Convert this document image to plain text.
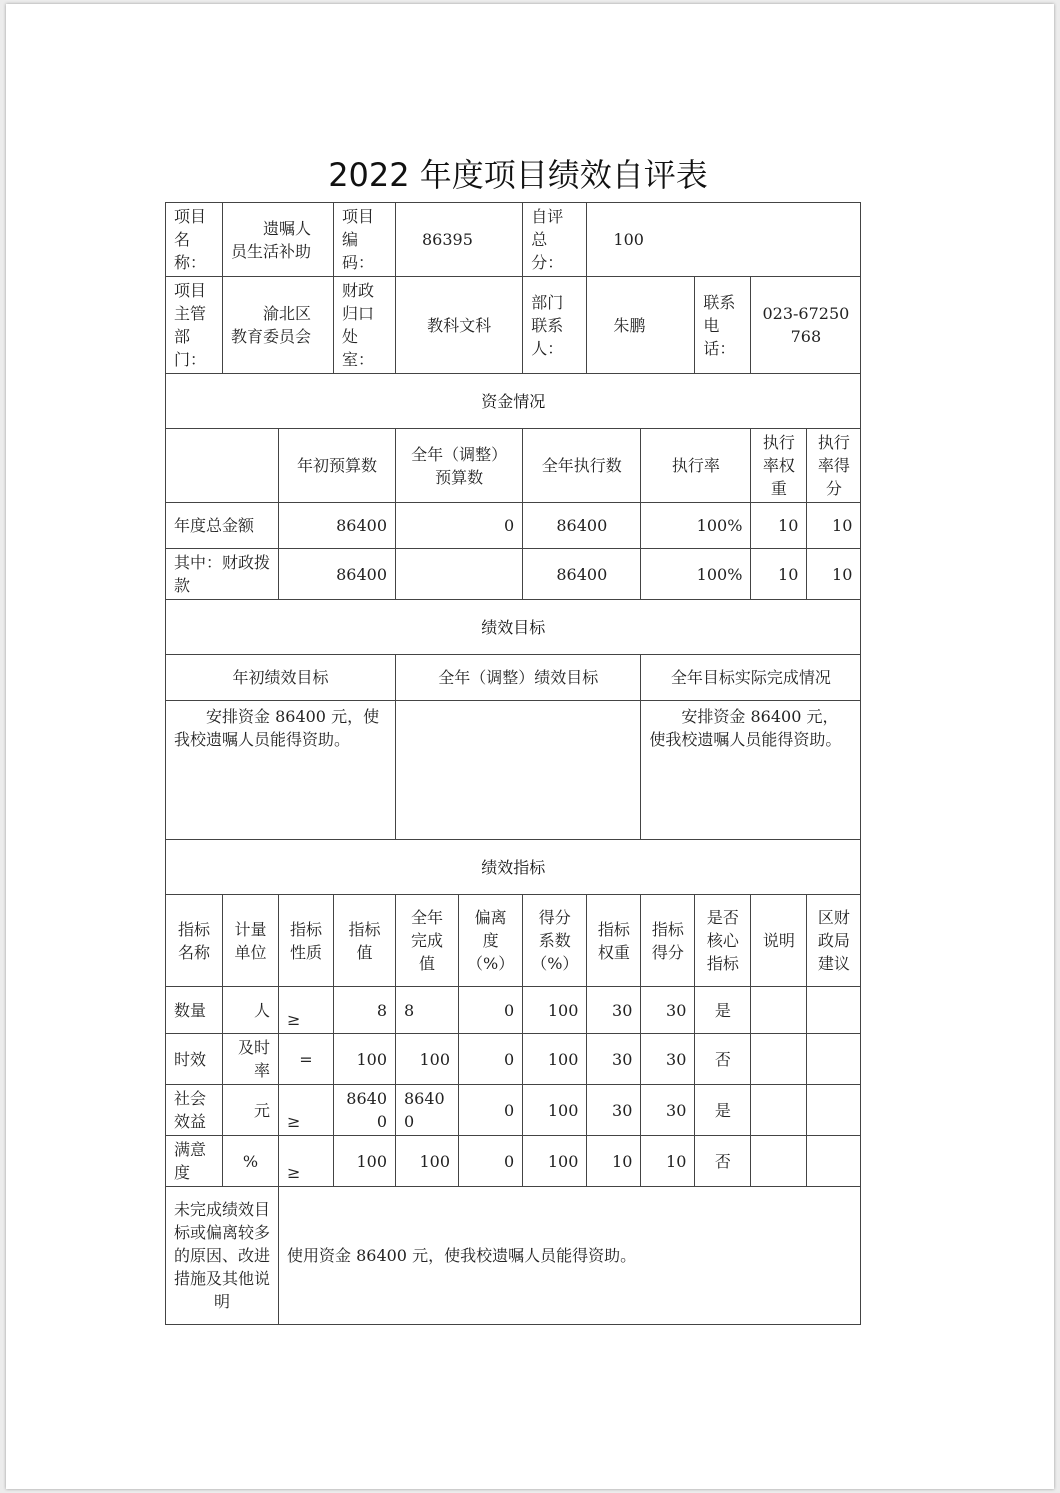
2022 年度项目绩效自评表
项目名称：	遗嘱人员生活补助		项目编码：	86395		自评总分：	100				
项目主管部门：	渝北区教育委员会		财政归口处室：	教科文科		部门联系人：	朱鹏		联系电话：	023-67250768	
资金情况											
		年初预算数		全年（调整）预算数		全年执行数		执行率		执行率权重	执行率得分
年度总金额		86400		0		86400		100%		10	10
其中：财政拨款		86400				86400		100%		10	10
绩效目标											
年初绩效目标				全年（调整）绩效目标				全年目标实际完成情况			
安排资金 86400 元，使我校遗嘱人员能得资助。								安排资金 86400 元，使我校遗嘱人员能得资助。			
绩效指标											
指标名称	计量单位	指标性质	指标值	全年完成值	偏离度（%）	得分系数（%）	指标权重	指标得分	是否核心指标	说明	区财政局建议
数量	人	≥	8	8	0	100	30	30	是		
时效	及时率	=	100	100	0	100	30	30	否		
社会效益	元	≥	86400	86400	0	100	30	30	是		
满意度	%	≥	100	100	0	100	10	10	否		
未完成绩效目标或偏离较多的原因、改进措施及其他说明		使用资金 86400 元，使我校遗嘱人员能得资助。									
